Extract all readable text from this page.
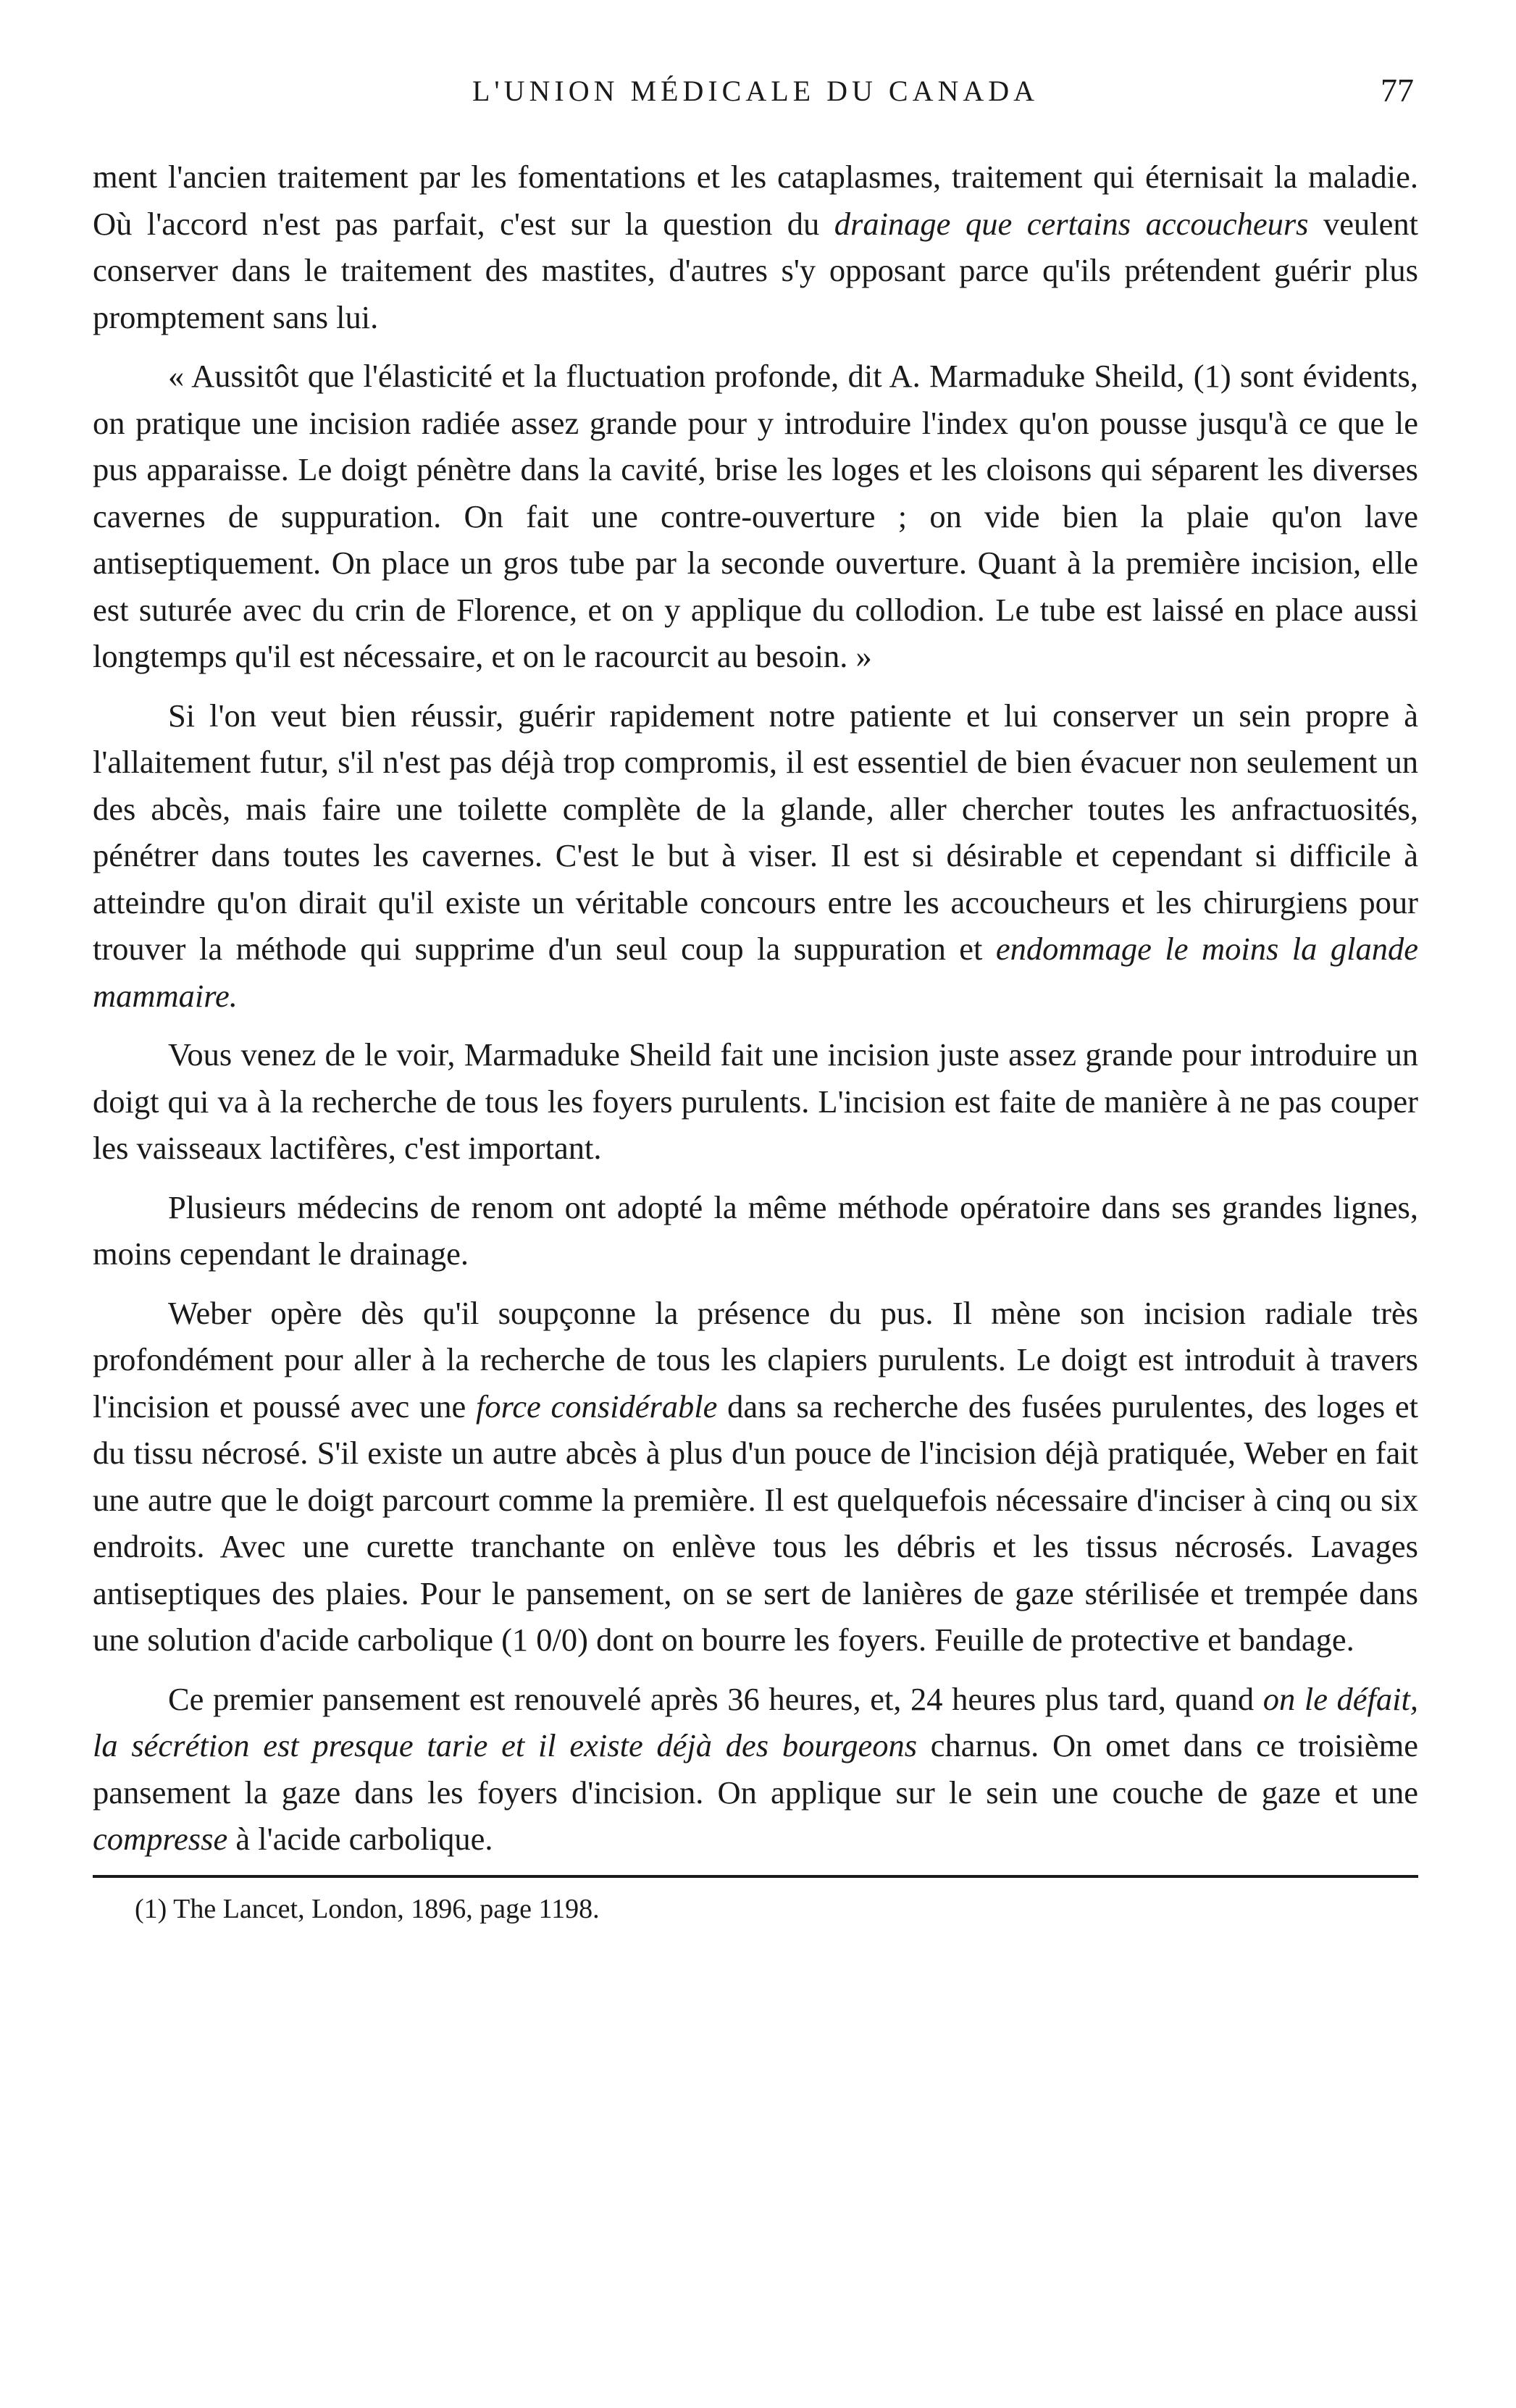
L'UNION MÉDICALE DU CANADA	77

ment l'ancien traitement par les fomentations et les cataplasmes, traitement qui éternisait la maladie. Où l'accord n'est pas parfait, c'est sur la question du drainage que certains accoucheurs veulent conserver dans le traitement des mastites, d'autres s'y opposant parce qu'ils prétendent guérir plus promptement sans lui.

« Aussitôt que l'élasticité et la fluctuation profonde, dit A. Marmaduke Sheild, (1) sont évidents, on pratique une incision radiée assez grande pour y introduire l'index qu'on pousse jusqu'à ce que le pus apparaisse. Le doigt pénètre dans la cavité, brise les loges et les cloisons qui séparent les diverses cavernes de suppuration. On fait une contre-ouverture ; on vide bien la plaie qu'on lave antiseptiquement. On place un gros tube par la seconde ouverture. Quant à la première incision, elle est suturée avec du crin de Florence, et on y applique du collodion. Le tube est laissé en place aussi longtemps qu'il est nécessaire, et on le racourcit au besoin. »

Si l'on veut bien réussir, guérir rapidement notre patiente et lui conserver un sein propre à l'allaitement futur, s'il n'est pas déjà trop compromis, il est essentiel de bien évacuer non seulement un des abcès, mais faire une toilette complète de la glande, aller chercher toutes les anfractuosités, pénétrer dans toutes les cavernes. C'est le but à viser. Il est si désirable et cependant si difficile à atteindre qu'on dirait qu'il existe un véritable concours entre les accoucheurs et les chirurgiens pour trouver la méthode qui supprime d'un seul coup la suppuration et endommage le moins la glande mammaire.

Vous venez de le voir, Marmaduke Sheild fait une incision juste assez grande pour introduire un doigt qui va à la recherche de tous les foyers purulents. L'incision est faite de manière à ne pas couper les vaisseaux lactifères, c'est important.

Plusieurs médecins de renom ont adopté la même méthode opératoire dans ses grandes lignes, moins cependant le drainage.

Weber opère dès qu'il soupçonne la présence du pus. Il mène son incision radiale très profondément pour aller à la recherche de tous les clapiers purulents. Le doigt est introduit à travers l'incision et poussé avec une force considérable dans sa recherche des fusées purulentes, des loges et du tissu nécrosé. S'il existe un autre abcès à plus d'un pouce de l'incision déjà pratiquée, Weber en fait une autre que le doigt parcourt comme la première. Il est quelquefois nécessaire d'inciser à cinq ou six endroits. Avec une curette tranchante on enlève tous les débris et les tissus nécrosés. Lavages antiseptiques des plaies. Pour le pansement, on se sert de lanières de gaze stérilisée et trempée dans une solution d'acide carbolique (1 0/0) dont on bourre les foyers. Feuille de protective et bandage.

Ce premier pansement est renouvelé après 36 heures, et, 24 heures plus tard, quand on le défait, la sécrétion est presque tarie et il existe déjà des bourgeons charnus. On omet dans ce troisième pansement la gaze dans les foyers d'incision. On applique sur le sein une couche de gaze et une compresse à l'acide carbolique.

(1) The Lancet, London, 1896, page 1198.
